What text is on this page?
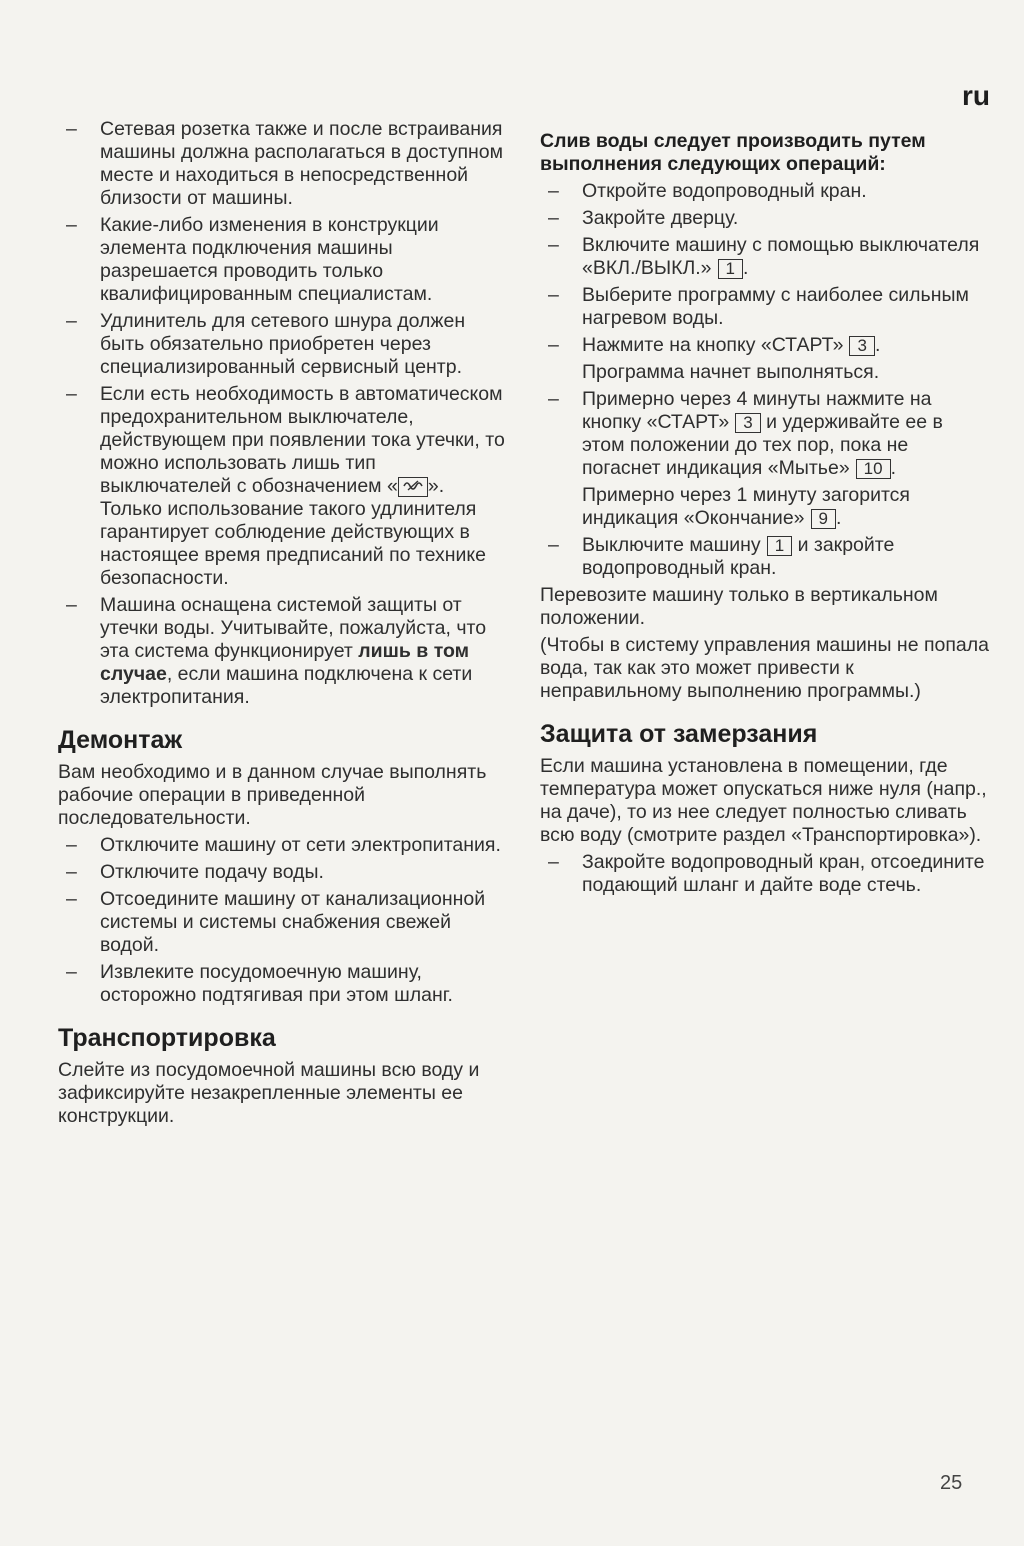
ru
– Сетевая розетка также и после встраивания машины должна располагаться в доступном месте и находиться в непосредственной близости от машины.
– Какие-либо изменения в конструкции элемента подключения машины разрешается проводить только квалифицированным специалистам.
– Удлинитель для сетевого шнура должен быть обязательно приобретен через специализированный сервисный центр.
– Если есть необходимость в автоматическом предохранительном выключателе, действующем при появлении тока утечки, то можно использовать лишь тип выключателей с обозначением « ». Только использование такого удлинителя гарантирует соблюдение действующих в настоящее время предписаний по технике безопасности.
– Машина оснащена системой защиты от утечки воды. Учитывайте, пожалуйста, что эта система функционирует лишь в том случае, если машина подключена к сети электропитания.
Демонтаж

Вам необходимо и в данном случае выполнять рабочие операции в приведенной последовательности.

– Отключите машину от сети электропитания.
– Отключите подачу воды.
– Отсоедините машину от канализационной системы и системы снабжения свежей водой.
– Извлеките посудомоечную машину, осторожно подтягивая при этом шланг.
Транспортировка

Слейте из посудомоечной машины всю воду и зафиксируйте незакрепленные элементы ее конструкции.

Слив воды следует производить путем выполнения следующих операций:

– Откройте водопроводный кран.
– Закройте дверцу.
– Включите машину с помощью выключателя «ВКЛ./ВЫКЛ.» 1 .
– Выберите программу с наиболее сильным нагревом воды.
– Нажмите на кнопку «СТАРТ» 3 .
Программа начнет выполняться.
– Примерно через 4 минуты нажмите на кнопку «СТАРТ» 3 и удерживайте ее в этом положении до тех пор, пока не погаснет индикация «Мытье» 10 .
Примерно через 1 минуту загорится индикация «Окончание» 9 .
– Выключите машину 1 и закройте водопроводный кран.

Перевозите машину только в вертикальном положении.

(Чтобы в систему управления машины не попала вода, так как это может привести к неправильному выполнению программы.)

Защита от замерзания

Если машина установлена в помещении, где температура может опускаться ниже нуля (напр., на даче), то из нее следует полностью сливать всю воду (смотрите раздел «Транспортировка»).

– Закройте водопроводный кран, отсоедините подающий шланг и дайте воде стечь.
25
